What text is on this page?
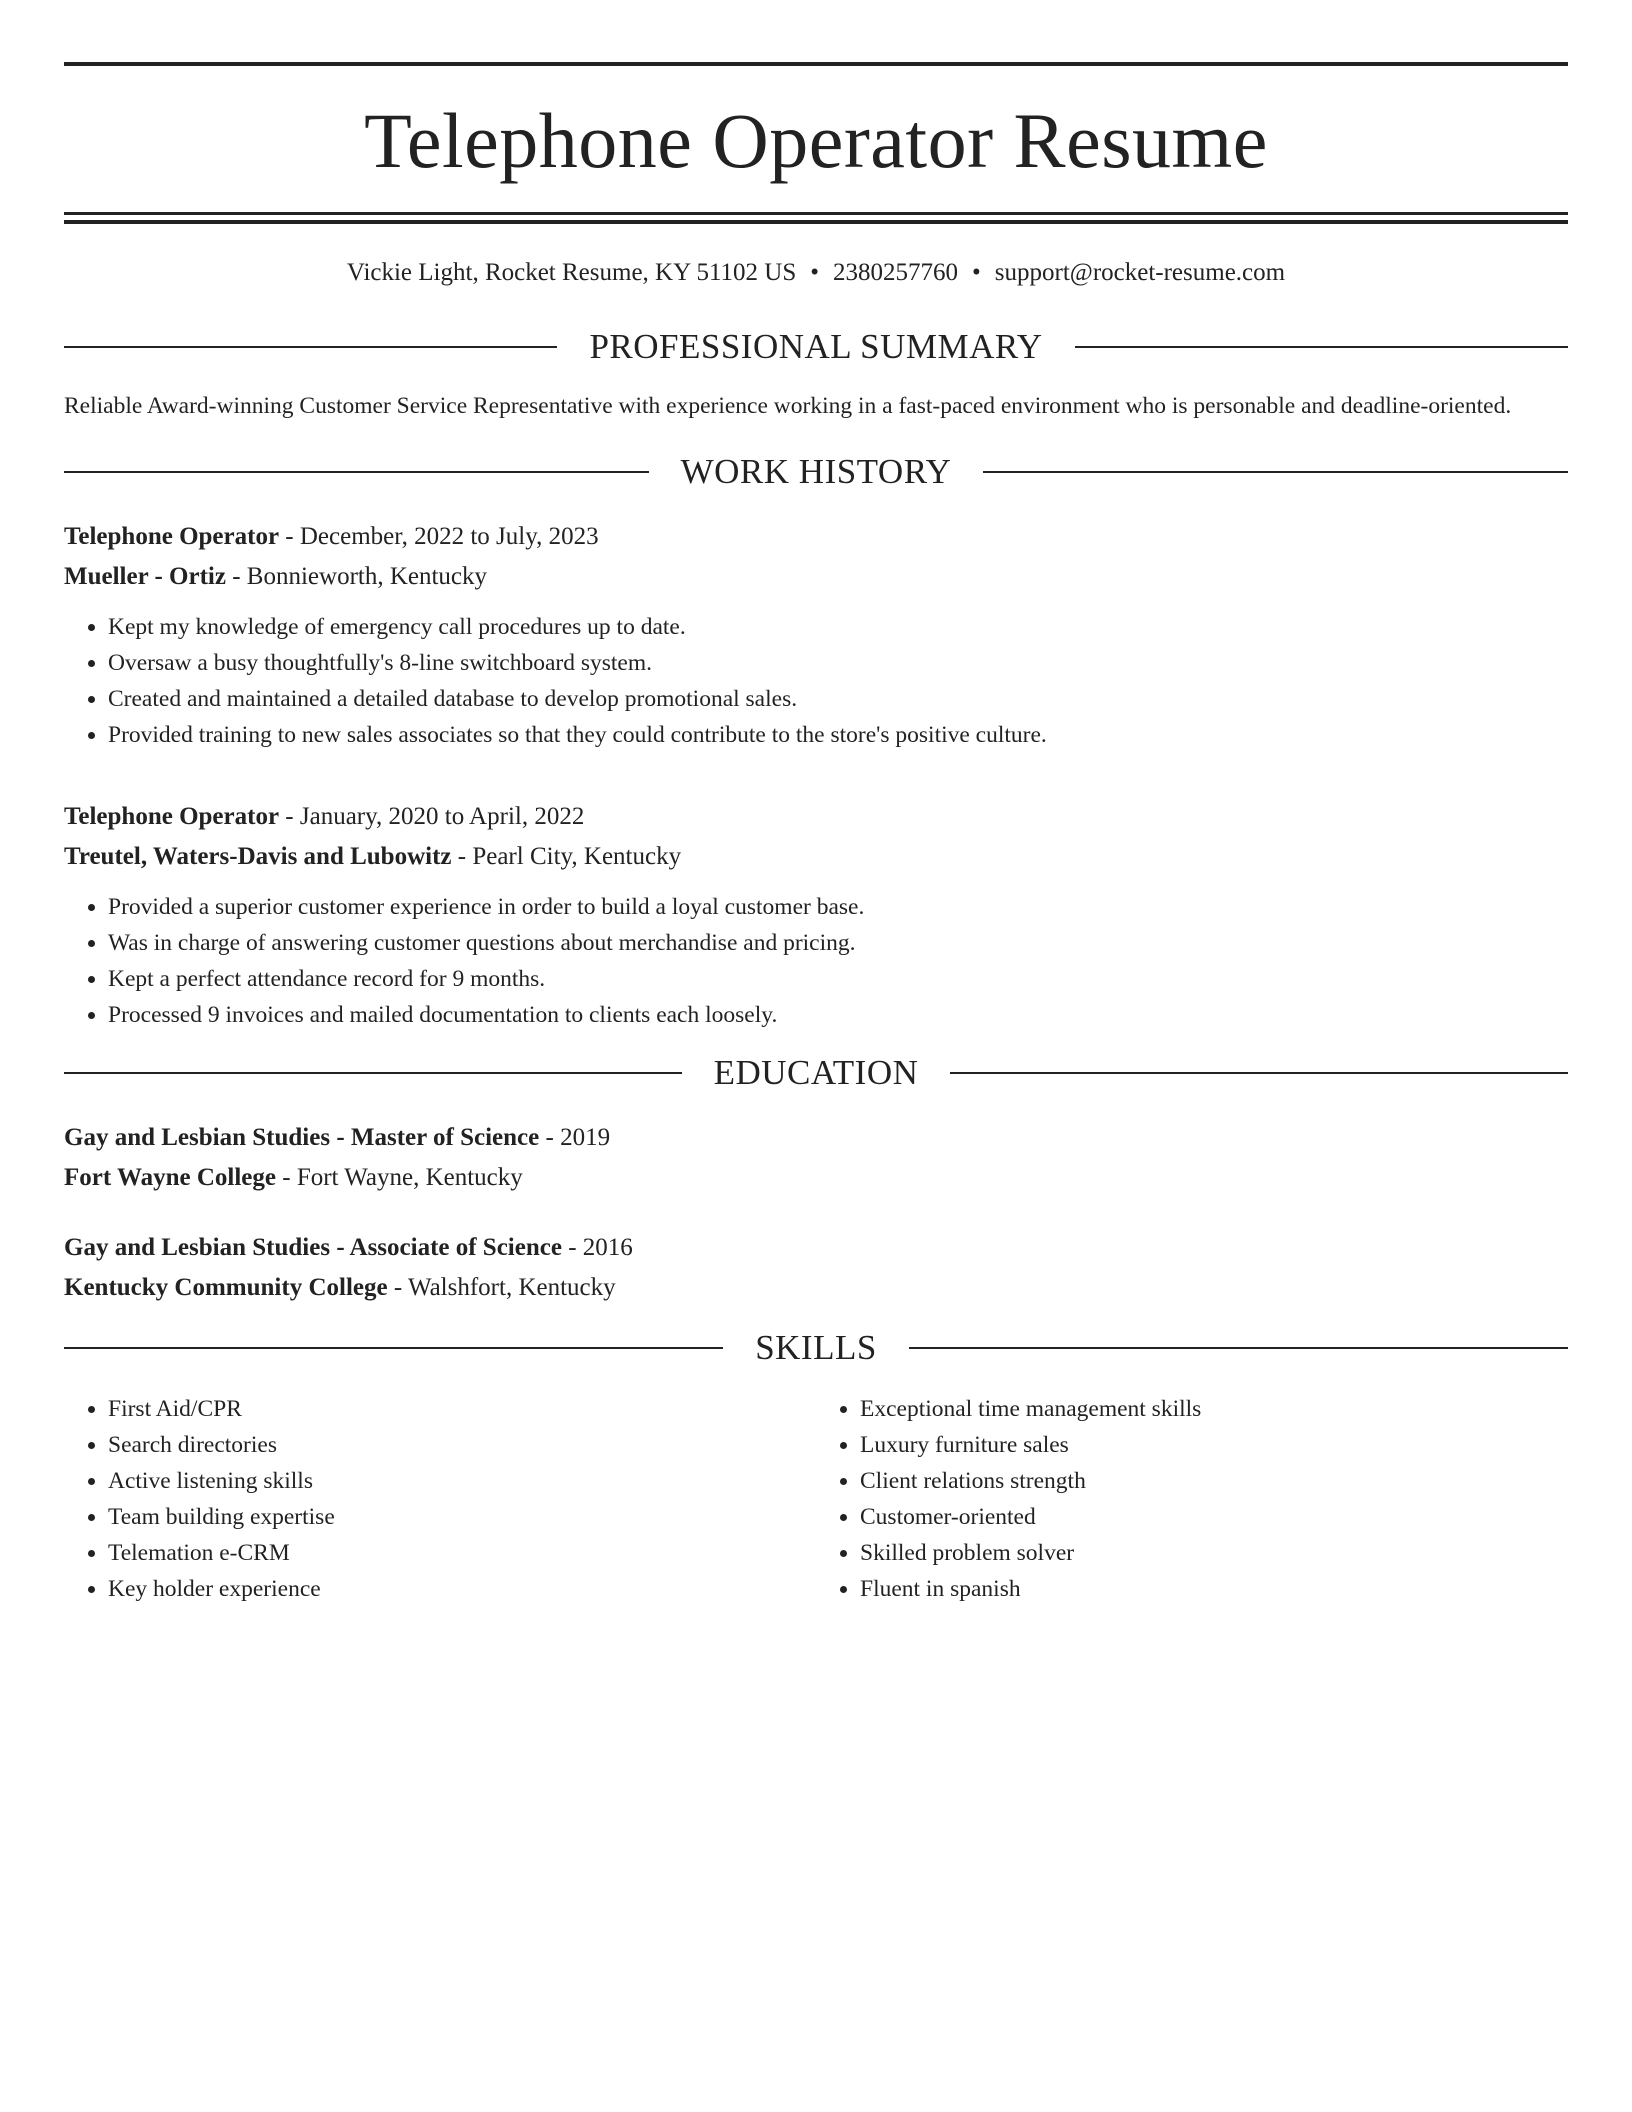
Telephone Operator Resume
Vickie Light, Rocket Resume, KY 51102 US • 2380257760 • support@rocket-resume.com
PROFESSIONAL SUMMARY

Reliable Award-winning Customer Service Representative with experience working in a fast-paced environment who is personable and deadline-oriented.

WORK HISTORY
Telephone Operator - December, 2022 to July, 2023
Mueller - Ortiz - Bonnieworth, Kentucky
• Kept my knowledge of emergency call procedures up to date.
• Oversaw a busy thoughtfully's 8-line switchboard system.
• Created and maintained a detailed database to develop promotional sales.
• Provided training to new sales associates so that they could contribute to the store's positive culture.
Telephone Operator - January, 2020 to April, 2022
Treutel, Waters-Davis and Lubowitz - Pearl City, Kentucky
• Provided a superior customer experience in order to build a loyal customer base.
• Was in charge of answering customer questions about merchandise and pricing.
• Kept a perfect attendance record for 9 months.
• Processed 9 invoices and mailed documentation to clients each loosely.
EDUCATION
Gay and Lesbian Studies - Master of Science - 2019
Fort Wayne College - Fort Wayne, Kentucky
Gay and Lesbian Studies - Associate of Science - 2016
Kentucky Community College - Walshfort, Kentucky
SKILLS
• First Aid/CPR
• Search directories
• Active listening skills
• Team building expertise
• Telemation e-CRM
• Key holder experience
• Exceptional time management skills
• Luxury furniture sales
• Client relations strength
• Customer-oriented
• Skilled problem solver
• Fluent in spanish
